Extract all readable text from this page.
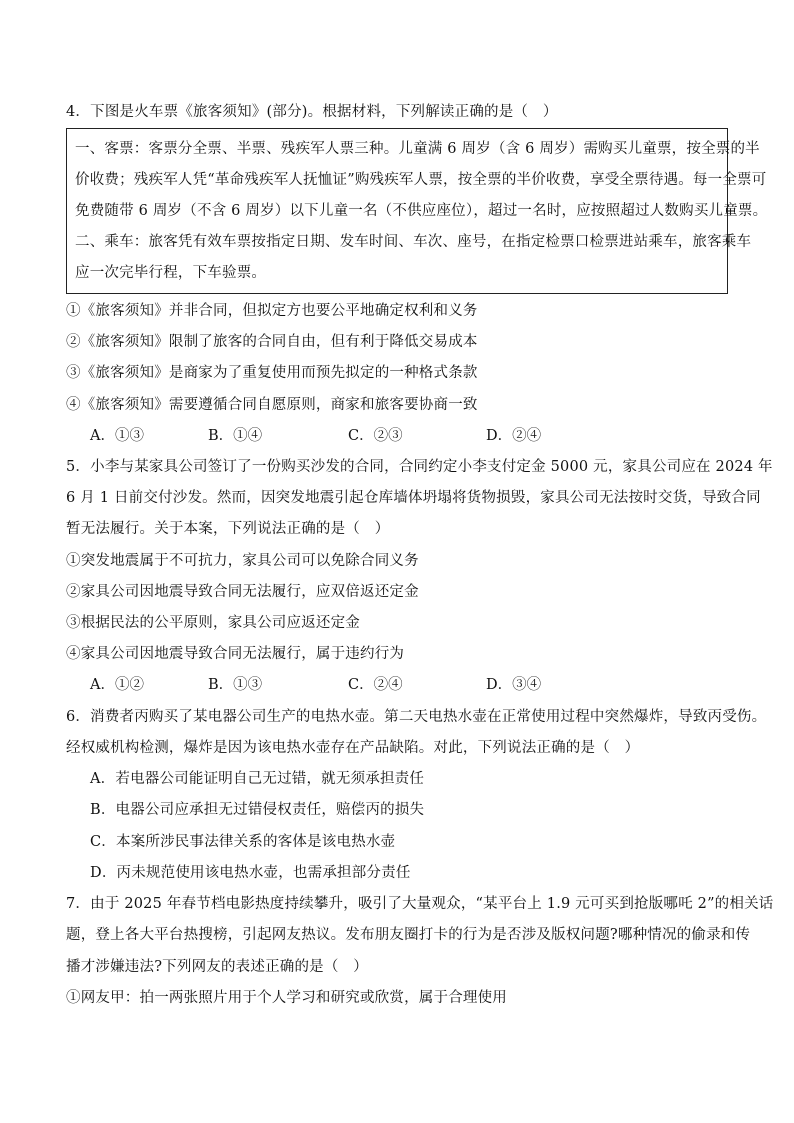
4．下图是火车票《旅客须知》(部分)。根据材料，下列解读正确的是（　）
一、客票：客票分全票、半票、残疾军人票三种。儿童满 6 周岁（含 6 周岁）需购买儿童票，按全票的半
价收费；残疾军人凭“革命残疾军人抚恤证”购残疾军人票，按全票的半价收费，享受全票待遇。每一全票可
免费随带 6 周岁（不含 6 周岁）以下儿童一名（不供应座位），超过一名时，应按照超过人数购买儿童票。
二、乘车：旅客凭有效车票按指定日期、发车时间、车次、座号，在指定检票口检票进站乘车，旅客乘车
应一次完毕行程，下车验票。
①《旅客须知》并非合同，但拟定方也要公平地确定权利和义务
②《旅客须知》限制了旅客的合同自由，但有利于降低交易成本
③《旅客须知》是商家为了重复使用而预先拟定的一种格式条款
④《旅客须知》需要遵循合同自愿原则，商家和旅客要协商一致
A．①③	B．①④	C．②③	D．②④
5．小李与某家具公司签订了一份购买沙发的合同，合同约定小李支付定金 5000 元，家具公司应在 2024 年
6 月 1 日前交付沙发。然而，因突发地震引起仓库墙体坍塌将货物损毁，家具公司无法按时交货，导致合同
暂无法履行。关于本案，下列说法正确的是（　）
①突发地震属于不可抗力，家具公司可以免除合同义务
②家具公司因地震导致合同无法履行，应双倍返还定金
③根据民法的公平原则，家具公司应返还定金
④家具公司因地震导致合同无法履行，属于违约行为
A．①②	B．①③	C．②④	D．③④
6．消费者丙购买了某电器公司生产的电热水壶。第二天电热水壶在正常使用过程中突然爆炸，导致丙受伤。
经权威机构检测，爆炸是因为该电热水壶存在产品缺陷。对此，下列说法正确的是（　）
A．若电器公司能证明自己无过错，就无须承担责任
B．电器公司应承担无过错侵权责任，赔偿丙的损失
C．本案所涉民事法律关系的客体是该电热水壶
D．丙未规范使用该电热水壶，也需承担部分责任
7．由于 2025 年春节档电影热度持续攀升，吸引了大量观众，“某平台上 1.9 元可买到抢版哪吒 2”的相关话
题，登上各大平台热搜榜，引起网友热议。发布朋友圈打卡的行为是否涉及版权问题?哪种情况的偷录和传
播才涉嫌违法?下列网友的表述正确的是（　）
①网友甲：拍一两张照片用于个人学习和研究或欣赏，属于合理使用
